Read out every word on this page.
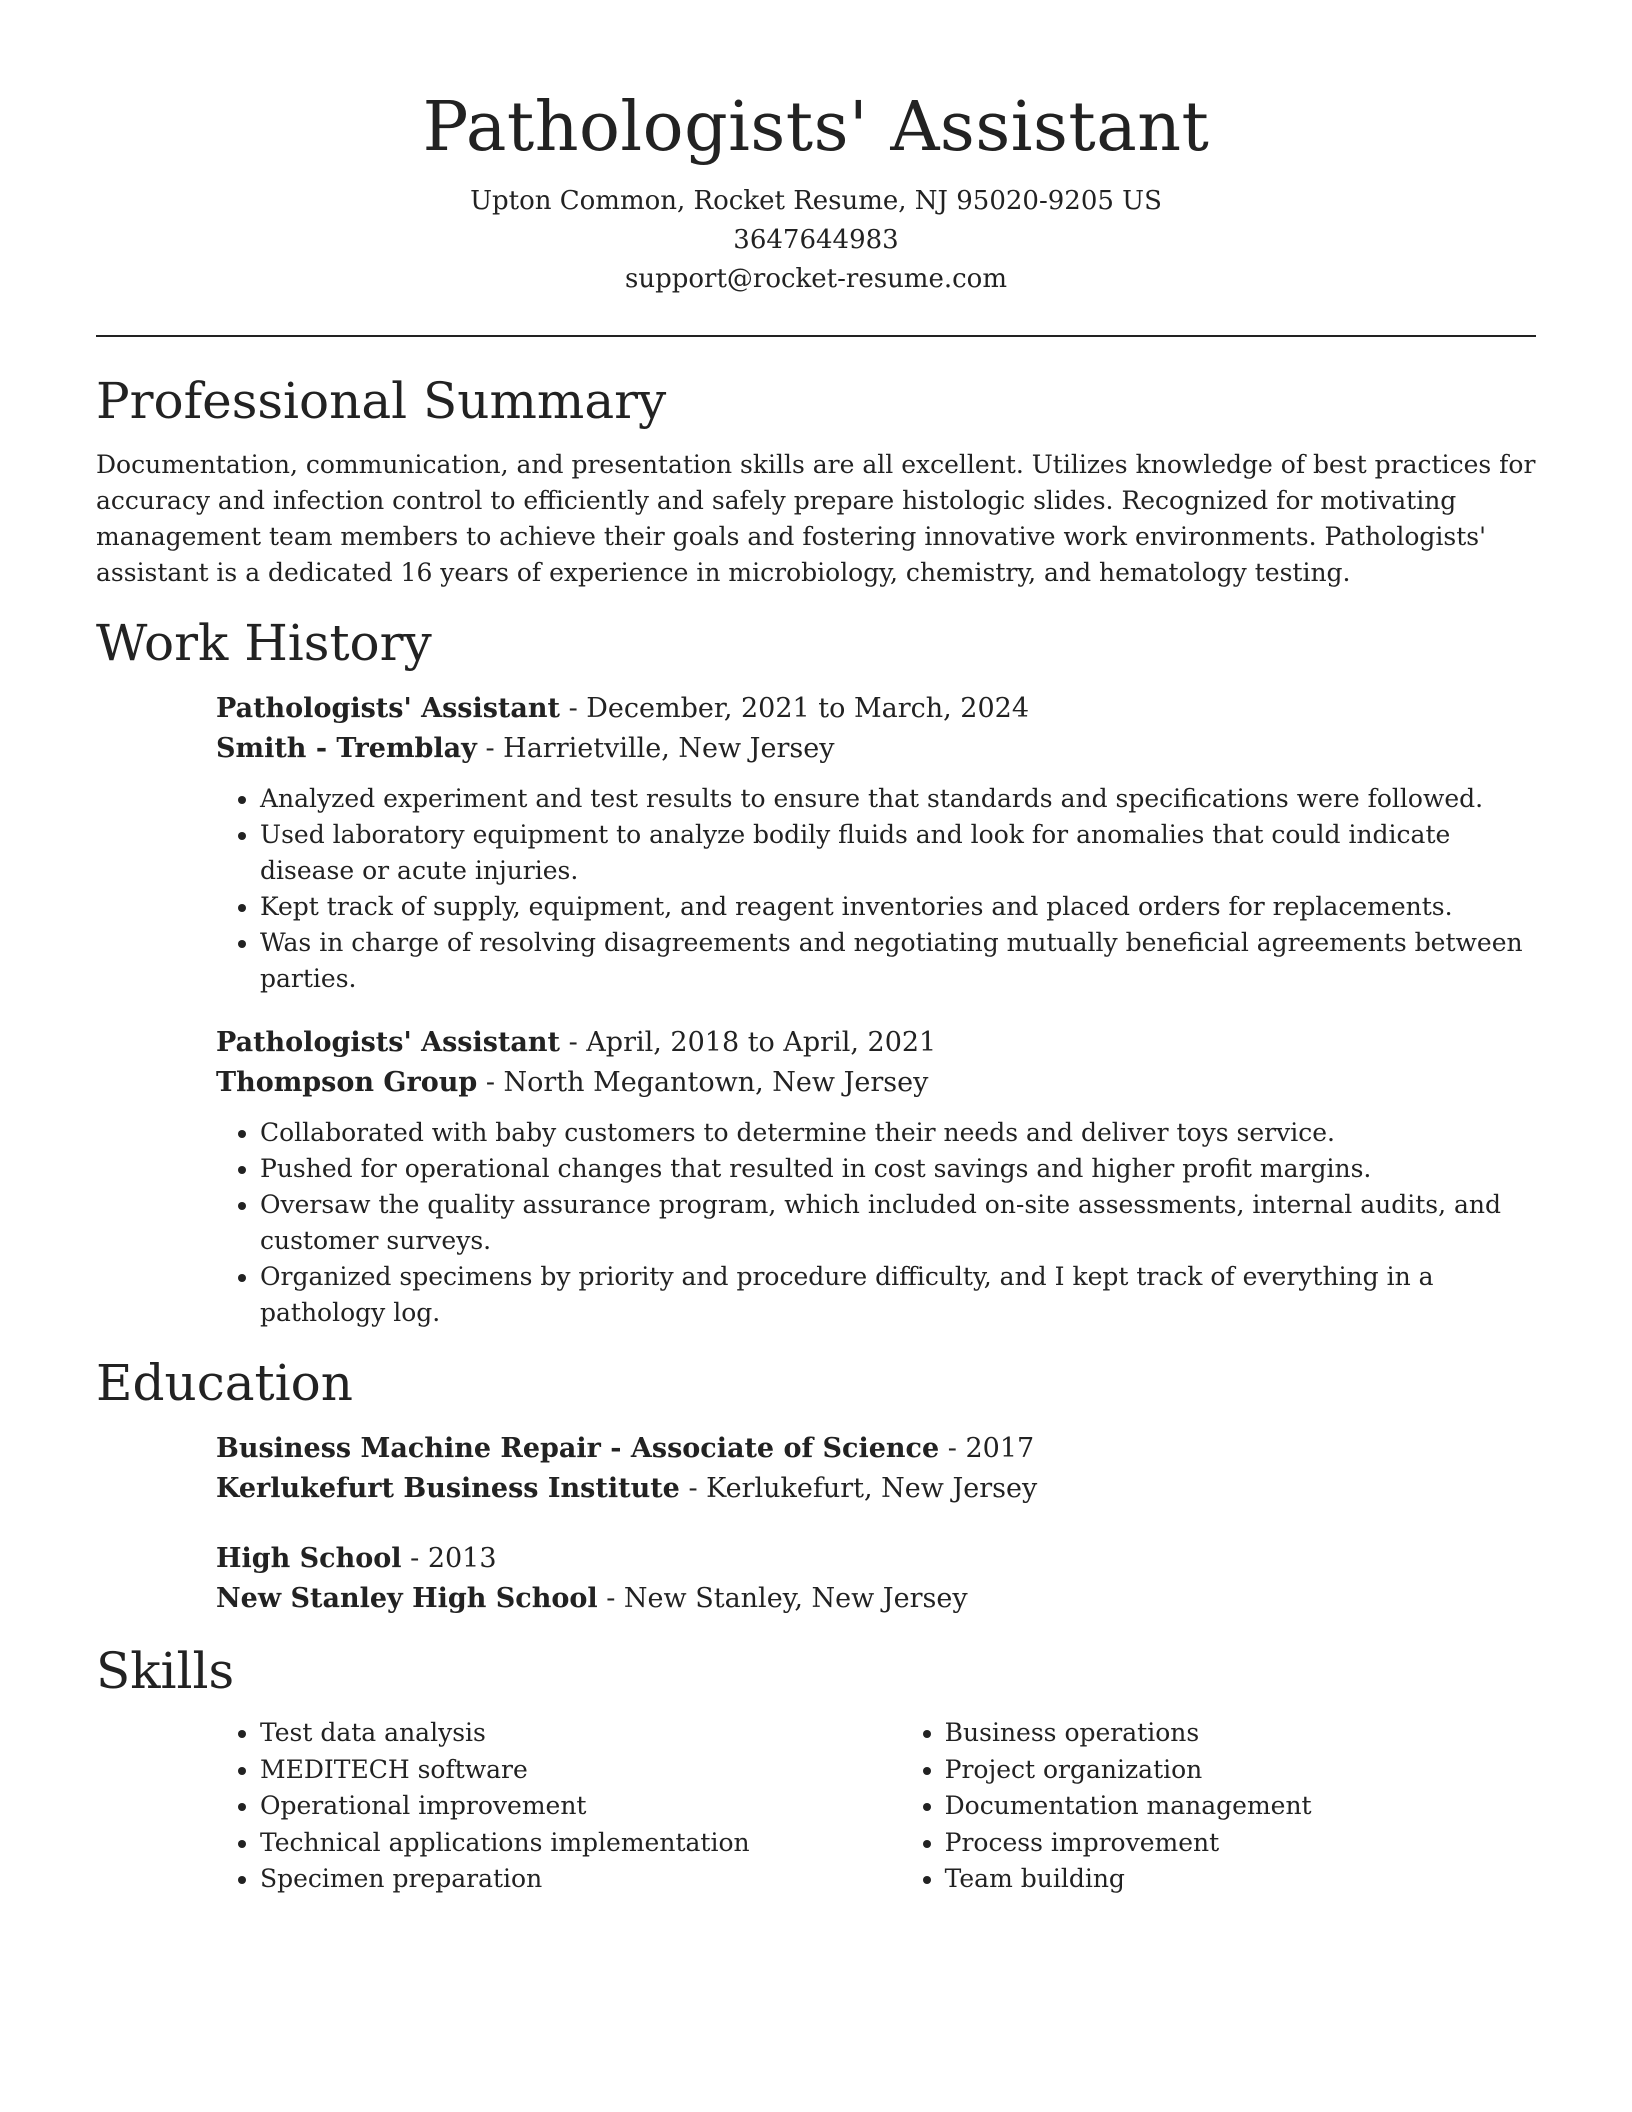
Pathologists' Assistant
Upton Common, Rocket Resume, NJ 95020-9205 US
3647644983
support@rocket-resume.com
Professional Summary

Documentation, communication, and presentation skills are all excellent. Utilizes knowledge of best practices for accuracy and infection control to efficiently and safely prepare histologic slides. Recognized for motivating management team members to achieve their goals and fostering innovative work environments. Pathologists' assistant is a dedicated 16 years of experience in microbiology, chemistry, and hematology testing.

Work History
Pathologists' Assistant - December, 2021 to March, 2024
Smith - Tremblay - Harrietville, New Jersey
• Analyzed experiment and test results to ensure that standards and specifications were followed.
• Used laboratory equipment to analyze bodily fluids and look for anomalies that could indicate disease or acute injuries.
• Kept track of supply, equipment, and reagent inventories and placed orders for replacements.
• Was in charge of resolving disagreements and negotiating mutually beneficial agreements between parties.
Pathologists' Assistant - April, 2018 to April, 2021
Thompson Group - North Megantown, New Jersey
• Collaborated with baby customers to determine their needs and deliver toys service.
• Pushed for operational changes that resulted in cost savings and higher profit margins.
• Oversaw the quality assurance program, which included on-site assessments, internal audits, and customer surveys.
• Organized specimens by priority and procedure difficulty, and I kept track of everything in a pathology log.
Education
Business Machine Repair - Associate of Science - 2017
Kerlukefurt Business Institute - Kerlukefurt, New Jersey
High School - 2013
New Stanley High School - New Stanley, New Jersey
Skills
• Test data analysis
• MEDITECH software
• Operational improvement
• Technical applications implementation
• Specimen preparation
• Business operations
• Project organization
• Documentation management
• Process improvement
• Team building
